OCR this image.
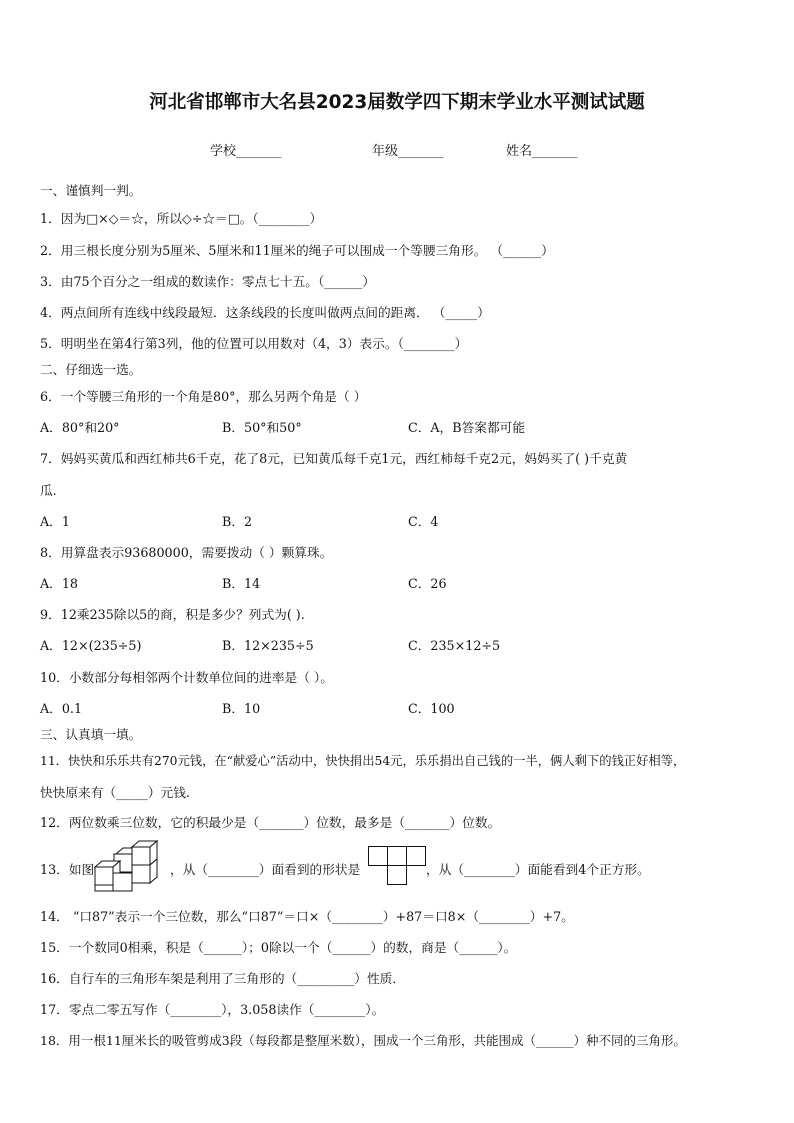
河北省邯郸市大名县2023届数学四下期末学业水平测试试题
学校_______	年级_______	姓名_______
一、谨慎判一判。
1．因为□×◇＝☆，所以◇÷☆＝□。（________）
2．用三根长度分别为5厘米、5厘米和11厘米的绳子可以围成一个等腰三角形。 （______）
3．由75个百分之一组成的数读作：零点七十五。（______）
4．两点间所有连线中线段最短．这条线段的长度叫做两点间的距离． （_____）
5．明明坐在第4行第3列，他的位置可以用数对（4，3）表示。（________）
二、仔细选一选。
6．一个等腰三角形的一个角是80°，那么另两个角是（ ）
A．80°和20°	B．50°和50°	C．A，B答案都可能
7．妈妈买黄瓜和西红柿共6千克，花了8元，已知黄瓜每千克1元，西红柿每千克2元，妈妈买了( )千克黄
瓜.
A．1	B．2	C．4
8．用算盘表示93680000，需要拨动（ ）颗算珠。
A．18	B．14	C．26
9．12乘235除以5的商，积是多少？列式为( ).
A．12×(235÷5)	B．12×235÷5	C．235×12÷5
10．小数部分每相邻两个计数单位间的进率是（ ）。
A．0.1	B．10	C．100
三、认真填一填。
11．快快和乐乐共有270元钱，在“献爱心”活动中，快快捐出54元，乐乐捐出自己钱的一半，俩人剩下的钱正好相等，
快快原来有（_____）元钱.
12．两位数乘三位数，它的积最少是（_______）位数，最多是（_______）位数。
13．如图	，从（________）面看到的形状是	，从（________）面能看到4个正方形。
14． “口87”表示一个三位数，那么“口87”＝口×（________）+87＝口8×（________）+7。
15．一个数同0相乘，积是（______）；0除以一个（______）的数，商是（______）。
16．自行车的三角形车架是利用了三角形的（_________）性质．
17．零点二零五写作（________），3.058读作（________）。
18．用一根11厘米长的吸管剪成3段（每段都是整厘米数），围成一个三角形，共能围成（______）种不同的三角形。
